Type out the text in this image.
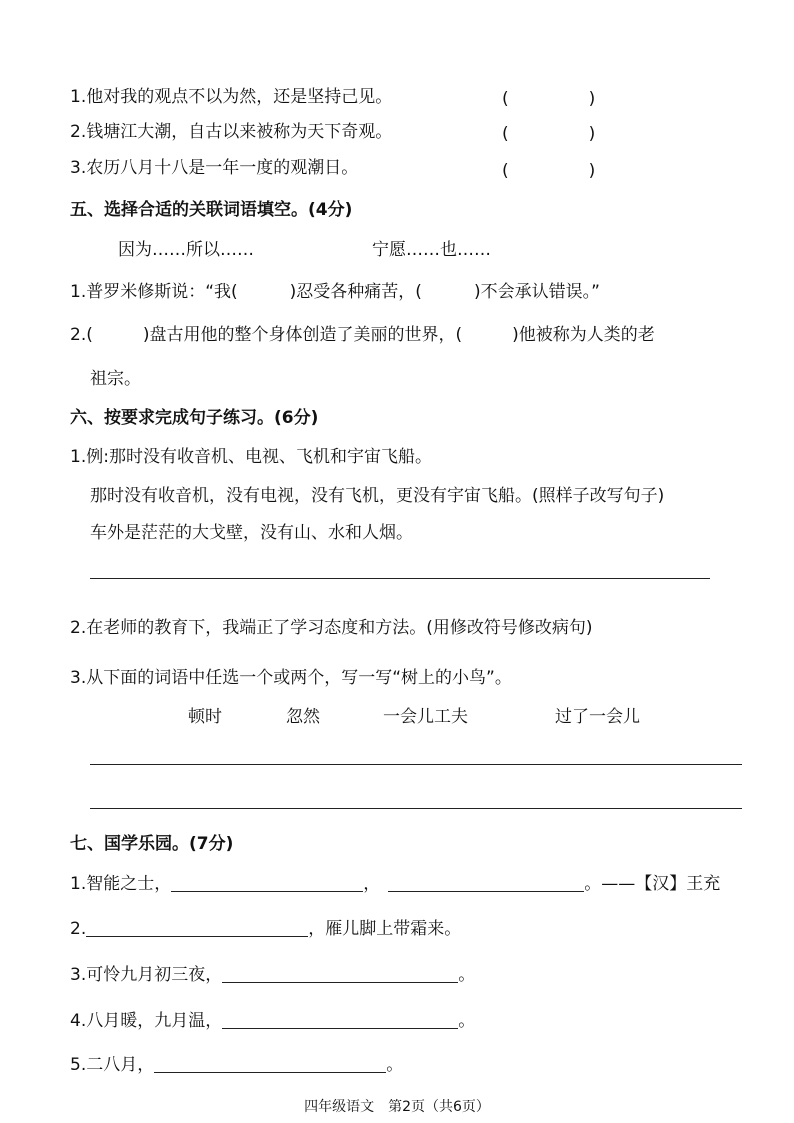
1.他对我的观点不以为然，还是坚持己见。	(	)
2.钱塘江大潮，自古以来被称为天下奇观。	(	)
3.农历八月十八是一年一度的观潮日。	(	)
五、选择合适的关联词语填空。(4分)
因为……所以……	宁愿……也……
1.普罗米修斯说：“我(	)忍受各种痛苦，(	)不会承认错误。”
2.(	)盘古用他的整个身体创造了美丽的世界，(	)他被称为人类的老
祖宗。
六、按要求完成句子练习。(6分)
1.例:那时没有收音机、电视、飞机和宇宙飞船。
那时没有收音机，没有电视，没有飞机，更没有宇宙飞船。(照样子改写句子)
车外是茫茫的大戈壁，没有山、水和人烟。
2.在老师的教育下，我端正了学习态度和方法。(用修改符号修改病句)
3.从下面的词语中任选一个或两个，写一写“树上的小鸟”。
顿时	忽然	一会儿工夫	过了一会儿
七、国学乐园。(7分)
1.智能之士，	，	。——【汉】王充
2.	，雁儿脚上带霜来。
3.可怜九月初三夜，	。
4.八月暖，九月温，	。
5.二八月，	。
四年级语文　第2页（共6页）
